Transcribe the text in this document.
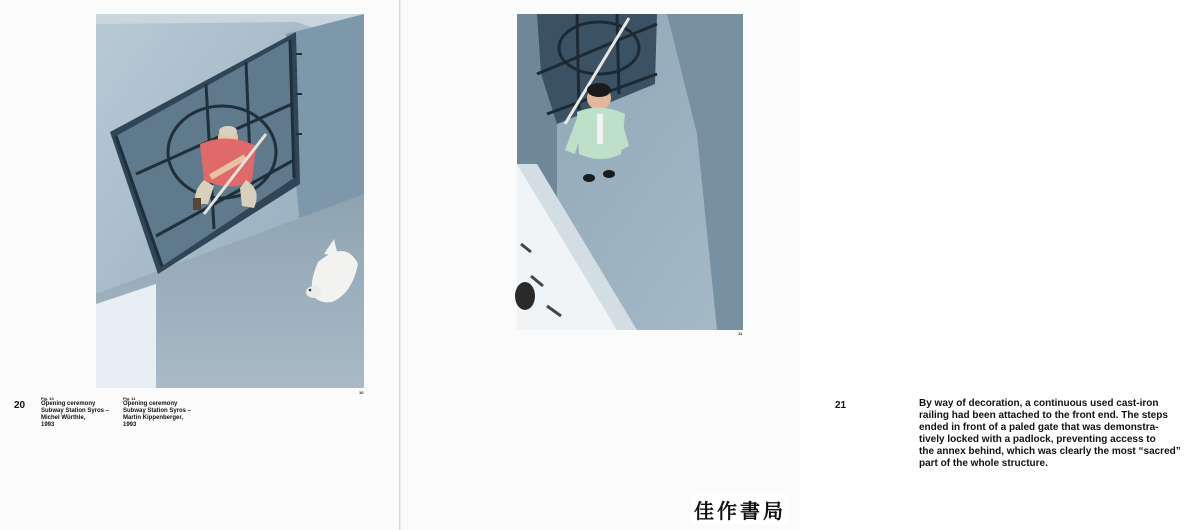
10
20
Fig. 10
Opening ceremony
Subway Station Syros –
Michel Würthle,
1993
Fig. 11
Opening ceremony
Subway Station Syros –
Martin Kippenberger,
1993
21	By way of decoration, a continuous used cast-iron
railing had been attached to the front end. The steps
ended in front of a paled gate that was demonstra-
tively locked with a padlock, preventing access to
the annex behind, which was clearly the most “sacred”
part of the whole structure.
11
佳作書局
